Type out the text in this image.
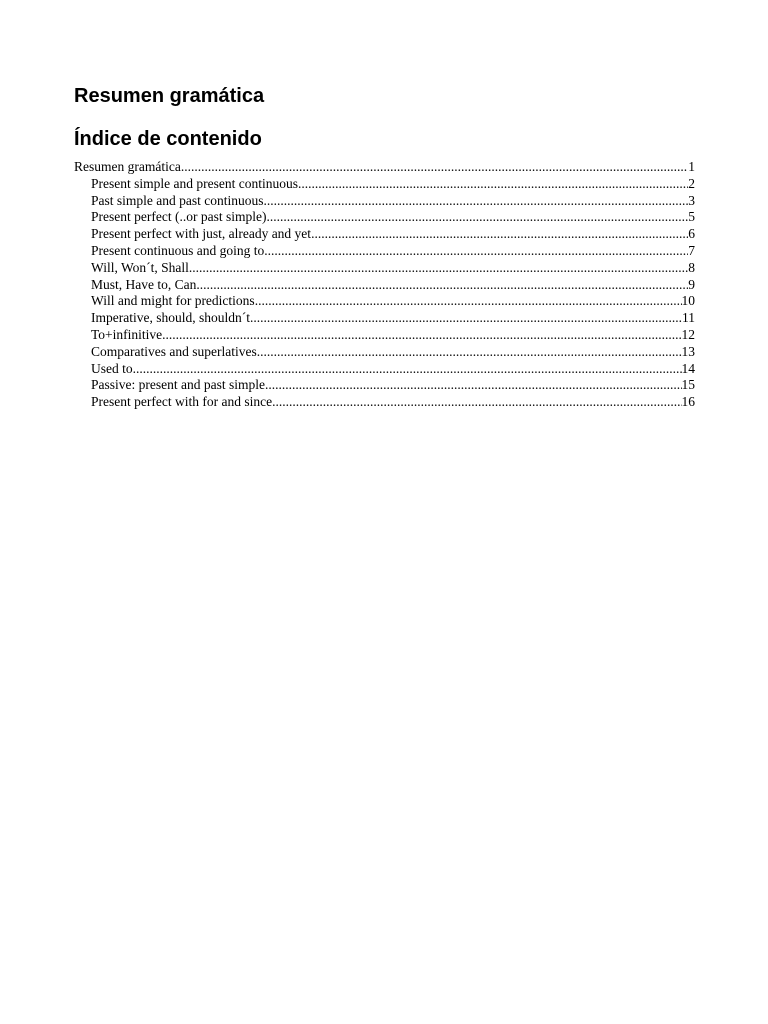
Resumen gramática
Índice de contenido
Resumen gramática .....	1
Present simple and present continuous .....	2
Past simple and past continuous .....	3
Present perfect (..or past simple) .....	5
Present perfect with just, already and yet .....	6
Present continuous and going to .....	7
Will, Won´t, Shall .....	8
Must, Have to, Can .....	9
Will and might for predictions .....	10
Imperative, should, shouldn´t .....	11
To+infinitive .....	12
Comparatives and superlatives .....	13
Used to .....	14
Passive: present and past simple .....	15
Present perfect with for and since .....	16
